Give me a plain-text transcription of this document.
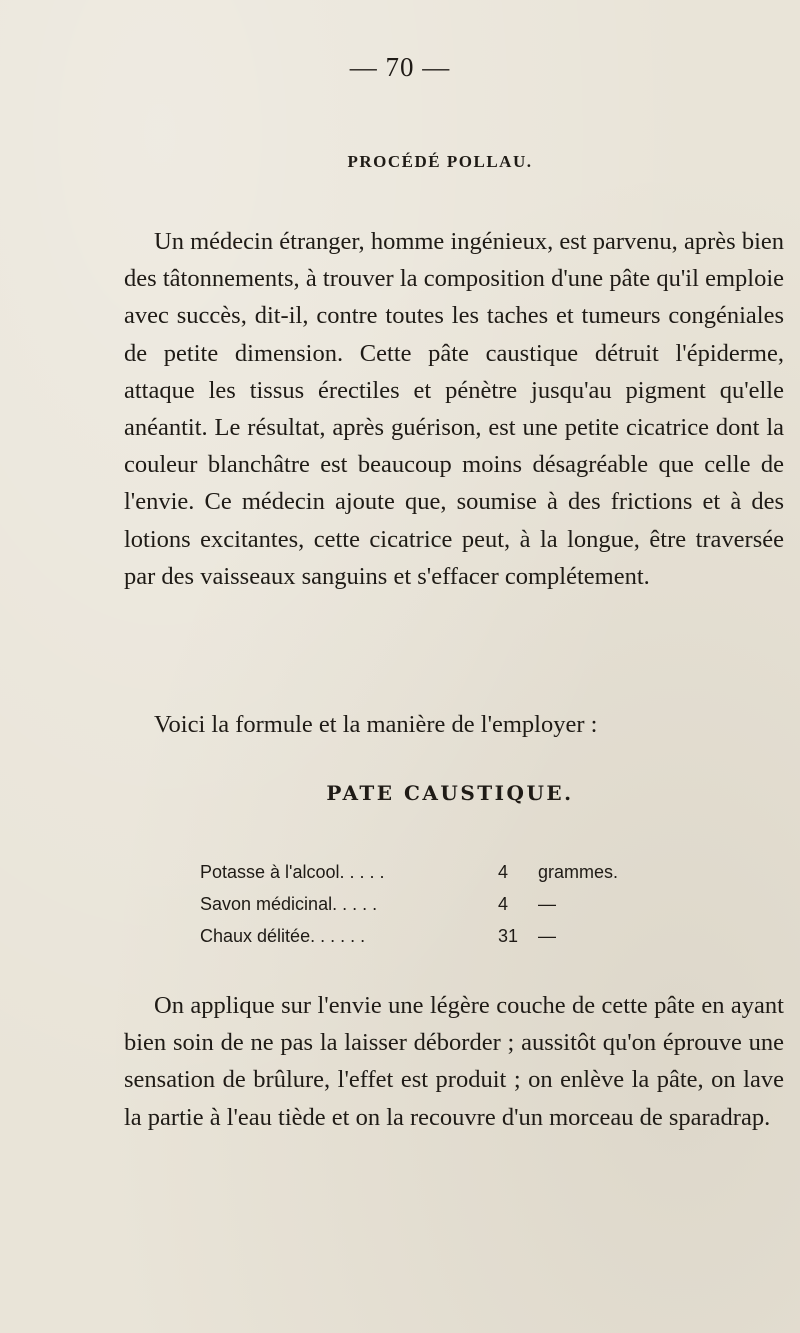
— 70 —
PROCÉDÉ POLLAU.

Un médecin étranger, homme ingénieux, est parvenu, après bien des tâtonnements, à trouver la composition d'une pâte qu'il emploie avec succès, dit-il, contre toutes les taches et tumeurs congéniales de petite dimension. Cette pâte caustique détruit l'épiderme, attaque les tissus érectiles et pénètre jusqu'au pigment qu'elle anéantit. Le résultat, après guérison, est une petite cicatrice dont la couleur blanchâtre est beaucoup moins désagréable que celle de l'envie. Ce médecin ajoute que, soumise à des frictions et à des lotions excitantes, cette cicatrice peut, à la longue, être traversée par des vaisseaux sanguins et s'effacer complétement.

Voici la formule et la manière de l'employer :

PATE CAUSTIQUE.
Potasse à l'alcool. . . . .	4 grammes.
Savon médicinal. . . . .	4 —
Chaux délitée. . . . . .	31 —

On applique sur l'envie une légère couche de cette pâte en ayant bien soin de ne pas la laisser déborder ; aussitôt qu'on éprouve une sensation de brûlure, l'effet est produit ; on enlève la pâte, on lave la partie à l'eau tiède et on la recouvre d'un morceau de sparadrap.
